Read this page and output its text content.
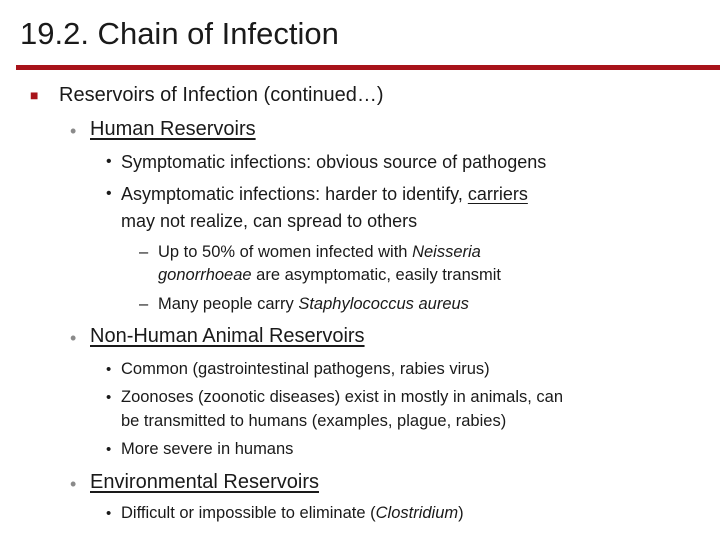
19.2. Chain of Infection
■ Reservoirs of Infection (continued…)
• Human Reservoirs
• Symptomatic infections: obvious source of pathogens
• Asymptomatic infections: harder to identify, carriers
may not realize, can spread to others
– Up to 50% of women infected with Neisseria
gonorrhoeae are asymptomatic, easily transmit
– Many people carry Staphylococcus aureus
• Non-Human Animal Reservoirs
• Common (gastrointestinal pathogens, rabies virus)
• Zoonoses (zoonotic diseases) exist in mostly in animals, can
be transmitted to humans (examples, plague, rabies)
• More severe in humans
• Environmental Reservoirs
• Difficult or impossible to eliminate (Clostridium)
